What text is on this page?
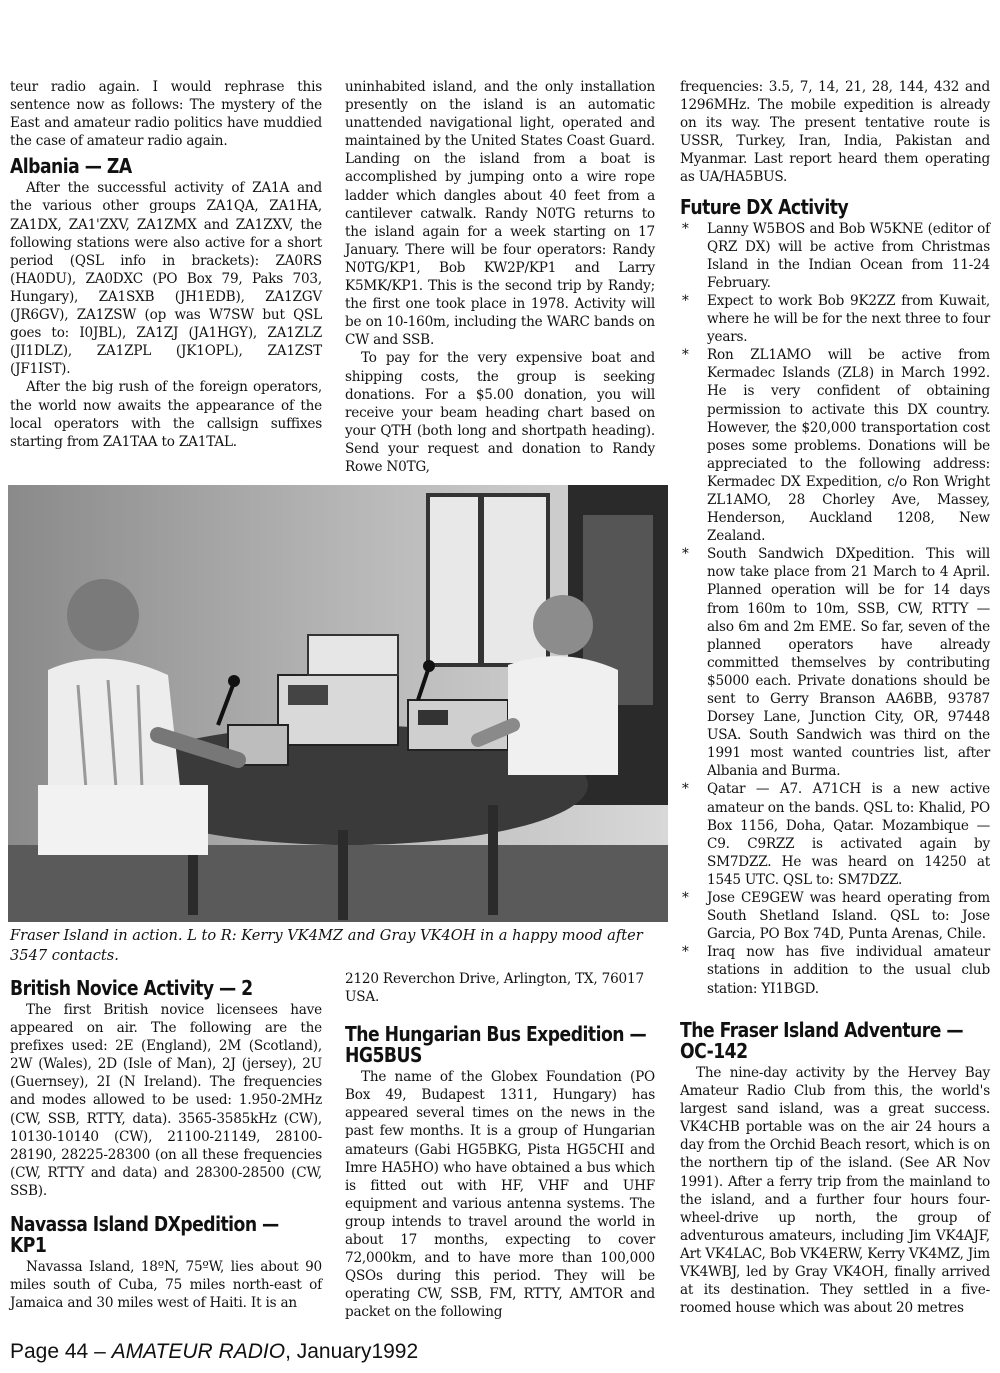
teur radio again. I would rephrase this sentence now as follows: The mystery of the East and amateur radio politics have muddied the case of amateur radio again.

Albania — ZA

After the successful activity of ZA1A and the various other groups ZA1QA, ZA1HA, ZA1DX, ZA1'ZXV, ZA1ZMX and ZA1ZXV, the following stations were also active for a short period (QSL info in brackets): ZA0RS (HA0DU), ZA0DXC (PO Box 79, Paks 703, Hungary), ZA1SXB (JH1EDB), ZA1ZGV (JR6GV), ZA1ZSW (op was W7SW but QSL goes to: I0JBL), ZA1ZJ (JA1HGY), ZA1ZLZ (JI1DLZ), ZA1ZPL (JK1OPL), ZA1ZST (JF1IST).

After the big rush of the foreign operators, the world now awaits the appearance of the local operators with the callsign suffixes starting from ZA1TAA to ZA1TAL.

uninhabited island, and the only installation presently on the island is an automatic unattended navigational light, operated and maintained by the United States Coast Guard. Landing on the island from a boat is accomplished by jumping onto a wire rope ladder which dangles about 40 feet from a cantilever catwalk. Randy N0TG returns to the island again for a week starting on 17 January. There will be four operators: Randy N0TG/KP1, Bob KW2P/KP1 and Larry K5MK/KP1. This is the second trip by Randy; the first one took place in 1978. Activity will be on 10-160m, including the WARC bands on CW and SSB.

To pay for the very expensive boat and shipping costs, the group is seeking donations. For a $5.00 donation, you will receive your beam heading chart based on your QTH (both long and shortpath heading). Send your request and donation to Randy Rowe N0TG,

frequencies: 3.5, 7, 14, 21, 28, 144, 432 and 1296MHz. The mobile expedition is already on its way. The present tentative route is USSR, Turkey, Iran, India, Pakistan and Myanmar. Last report heard them operating as UA/HA5BUS.

Future DX Activity
* Lanny W5BOS and Bob W5KNE (editor of QRZ DX) will be active from Christmas Island in the Indian Ocean from 11-24 February.
* Expect to work Bob 9K2ZZ from Kuwait, where he will be for the next three to four years.
* Ron ZL1AMO will be active from Kermadec Islands (ZL8) in March 1992. He is very confident of obtaining permission to activate this DX country. However, the $20,000 transportation cost poses some problems. Donations will be appreciated to the following address: Kermadec DX Expedition, c/o Ron Wright ZL1AMO, 28 Chorley Ave, Massey, Henderson, Auckland 1208, New Zealand.
* South Sandwich DXpedition. This will now take place from 21 March to 4 April. Planned operation will be for 14 days from 160m to 10m, SSB, CW, RTTY — also 6m and 2m EME. So far, seven of the planned operators have already committed themselves by contributing $5000 each. Private donations should be sent to Gerry Branson AA6BB, 93787 Dorsey Lane, Junction City, OR, 97448 USA. South Sandwich was third on the 1991 most wanted countries list, after Albania and Burma.
* Qatar — A7. A71CH is a new active amateur on the bands. QSL to: Khalid, PO Box 1156, Doha, Qatar. Mozambique — C9. C9RZZ is activated again by SM7DZZ. He was heard on 14250 at 1545 UTC. QSL to: SM7DZZ.
* Jose CE9GEW was heard operating from South Shetland Island. QSL to: Jose Garcia, PO Box 74D, Punta Arenas, Chile.
* Iraq now has five individual amateur stations in addition to the usual club station: YI1BGD.
Fraser Island in action. L to R: Kerry VK4MZ and Gray VK4OH in a happy mood after 3547 contacts.
British Novice Activity — 2

The first British novice licensees have appeared on air. The following are the prefixes used: 2E (England), 2M (Scotland), 2W (Wales), 2D (Isle of Man), 2J (jersey), 2U (Guernsey), 2I (N Ireland). The frequencies and modes allowed to be used: 1.950-2MHz (CW, SSB, RTTY, data). 3565-3585kHz (CW), 10130-10140 (CW), 21100-21149, 28100-28190, 28225-28300 (on all these frequencies (CW, RTTY and data) and 28300-28500 (CW, SSB).

Navassa Island DXpedition —
KP1

Navassa Island, 18ºN, 75ºW, lies about 90 miles south of Cuba, 75 miles north-east of Jamaica and 30 miles west of Haiti. It is an

2120 Reverchon Drive, Arlington, TX, 76017 USA.

The Hungarian Bus Expedition —
HG5BUS

The name of the Globex Foundation (PO Box 49, Budapest 1311, Hungary) has appeared several times on the news in the past few months. It is a group of Hungarian amateurs (Gabi HG5BKG, Pista HG5CHI and Imre HA5HO) who have obtained a bus which is fitted out with HF, VHF and UHF equipment and various antenna systems. The group intends to travel around the world in about 17 months, expecting to cover 72,000km, and to have more than 100,000 QSOs during this period. They will be operating CW, SSB, FM, RTTY, AMTOR and packet on the following

The Fraser Island Adventure —
OC-142

The nine-day activity by the Hervey Bay Amateur Radio Club from this, the world's largest sand island, was a great success. VK4CHB portable was on the air 24 hours a day from the Orchid Beach resort, which is on the northern tip of the island. (See AR Nov 1991). After a ferry trip from the mainland to the island, and a further four hours four-wheel-drive up north, the group of adventurous amateurs, including Jim VK4AJF, Art VK4LAC, Bob VK4ERW, Kerry VK4MZ, Jim VK4WBJ, led by Gray VK4OH, finally arrived at its destination. They settled in a five-roomed house which was about 20 metres

Page 44 – AMATEUR RADIO, January1992
